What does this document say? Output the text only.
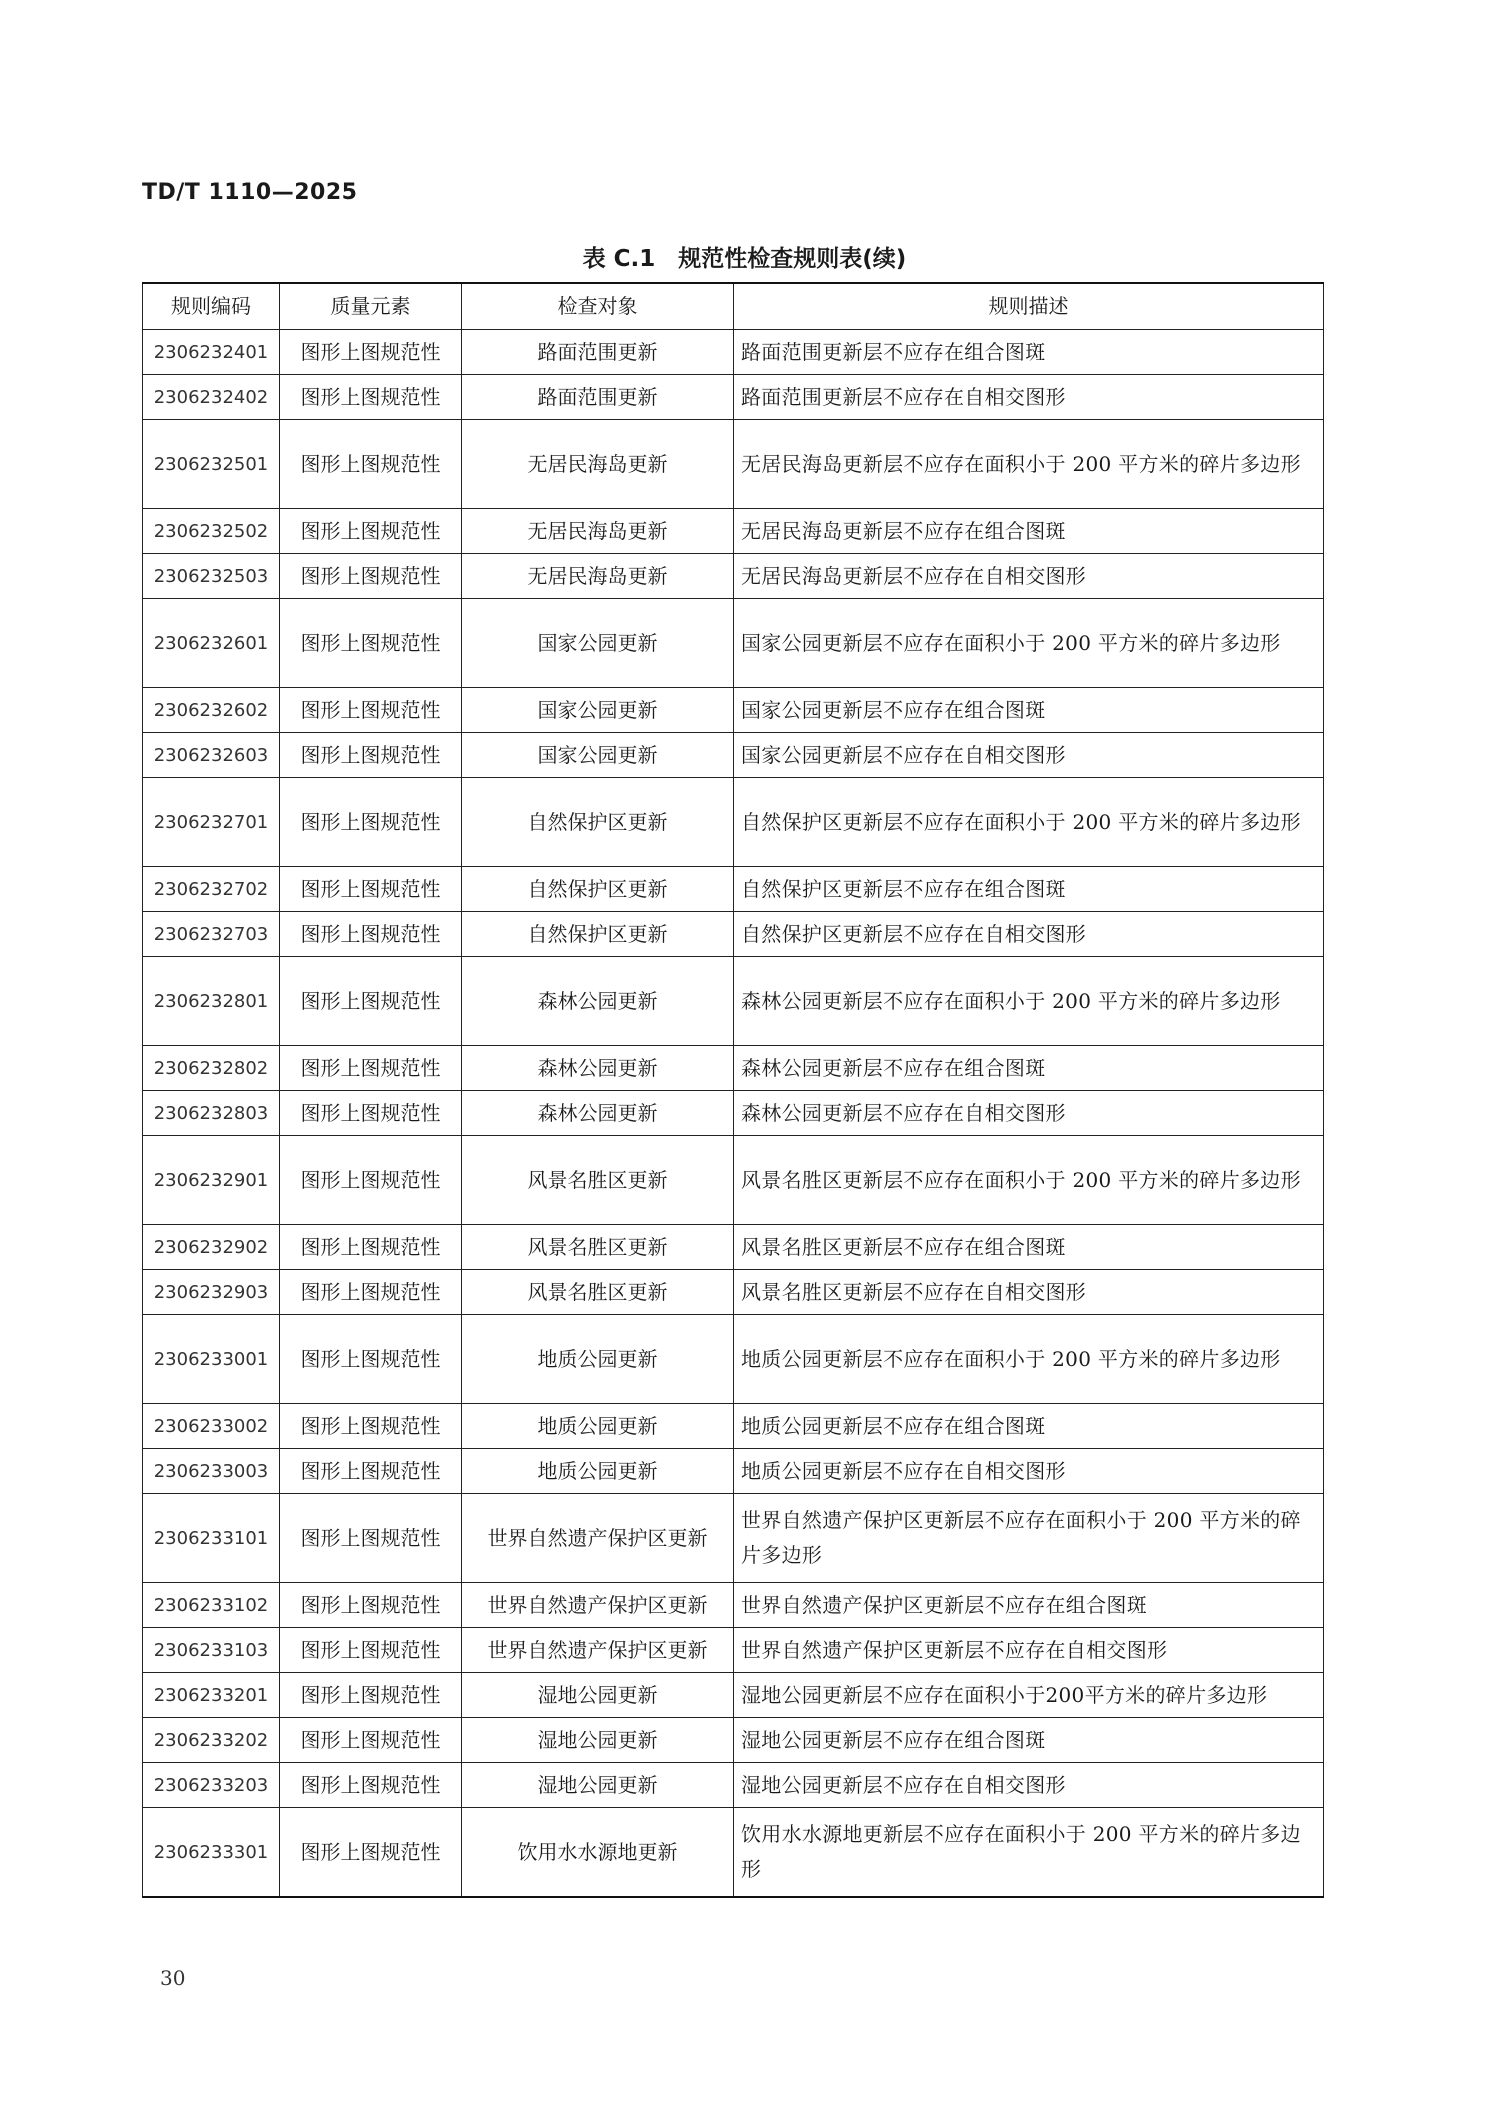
TD/T 1110—2025
表 C.1　规范性检查规则表(续)
规则编码	质量元素	检查对象	规则描述
2306232401	图形上图规范性	路面范围更新	路面范围更新层不应存在组合图斑
2306232402	图形上图规范性	路面范围更新	路面范围更新层不应存在自相交图形
2306232501	图形上图规范性	无居民海岛更新	无居民海岛更新层不应存在面积小于 200 平方米的碎片多边形
2306232502	图形上图规范性	无居民海岛更新	无居民海岛更新层不应存在组合图斑
2306232503	图形上图规范性	无居民海岛更新	无居民海岛更新层不应存在自相交图形
2306232601	图形上图规范性	国家公园更新	国家公园更新层不应存在面积小于 200 平方米的碎片多边形
2306232602	图形上图规范性	国家公园更新	国家公园更新层不应存在组合图斑
2306232603	图形上图规范性	国家公园更新	国家公园更新层不应存在自相交图形
2306232701	图形上图规范性	自然保护区更新	自然保护区更新层不应存在面积小于 200 平方米的碎片多边形
2306232702	图形上图规范性	自然保护区更新	自然保护区更新层不应存在组合图斑
2306232703	图形上图规范性	自然保护区更新	自然保护区更新层不应存在自相交图形
2306232801	图形上图规范性	森林公园更新	森林公园更新层不应存在面积小于 200 平方米的碎片多边形
2306232802	图形上图规范性	森林公园更新	森林公园更新层不应存在组合图斑
2306232803	图形上图规范性	森林公园更新	森林公园更新层不应存在自相交图形
2306232901	图形上图规范性	风景名胜区更新	风景名胜区更新层不应存在面积小于 200 平方米的碎片多边形
2306232902	图形上图规范性	风景名胜区更新	风景名胜区更新层不应存在组合图斑
2306232903	图形上图规范性	风景名胜区更新	风景名胜区更新层不应存在自相交图形
2306233001	图形上图规范性	地质公园更新	地质公园更新层不应存在面积小于 200 平方米的碎片多边形
2306233002	图形上图规范性	地质公园更新	地质公园更新层不应存在组合图斑
2306233003	图形上图规范性	地质公园更新	地质公园更新层不应存在自相交图形
2306233101	图形上图规范性	世界自然遗产保护区更新	世界自然遗产保护区更新层不应存在面积小于 200 平方米的碎片多边形
2306233102	图形上图规范性	世界自然遗产保护区更新	世界自然遗产保护区更新层不应存在组合图斑
2306233103	图形上图规范性	世界自然遗产保护区更新	世界自然遗产保护区更新层不应存在自相交图形
2306233201	图形上图规范性	湿地公园更新	湿地公园更新层不应存在面积小于200平方米的碎片多边形
2306233202	图形上图规范性	湿地公园更新	湿地公园更新层不应存在组合图斑
2306233203	图形上图规范性	湿地公园更新	湿地公园更新层不应存在自相交图形
2306233301	图形上图规范性	饮用水水源地更新	饮用水水源地更新层不应存在面积小于 200 平方米的碎片多边形
30
